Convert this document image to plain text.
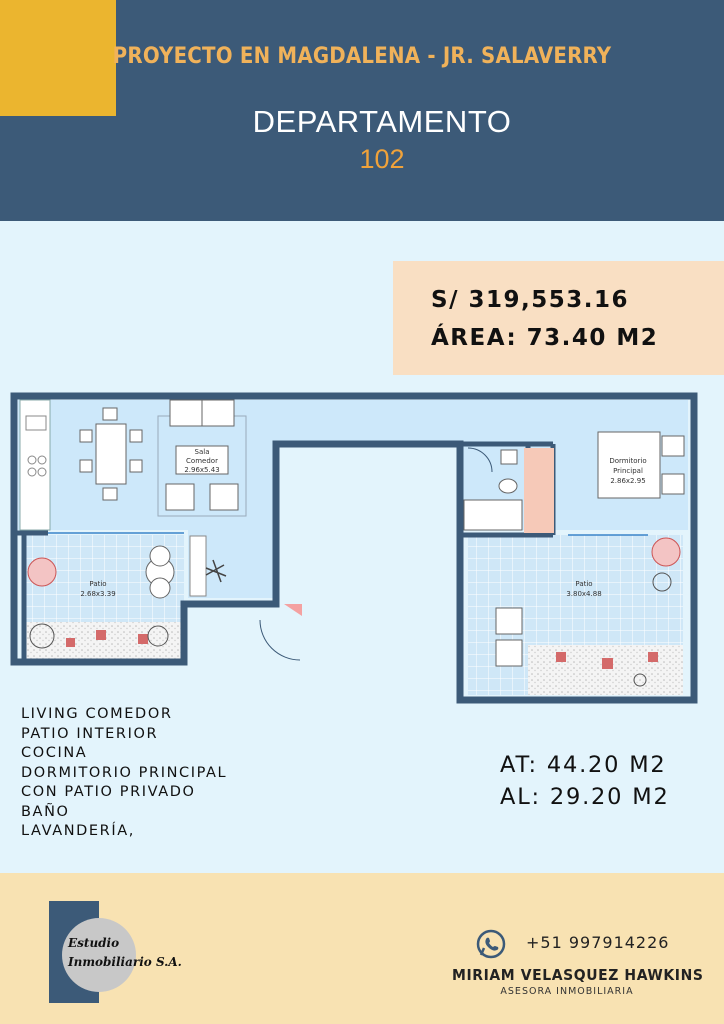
PROYECTO EN MAGDALENA - JR. SALAVERRY
DEPARTAMENTO
102
S/ 319,553.16
ÁREA: 73.40 M2
Sala
Comedor
2.96x5.43
Patio
2.68x3.39
Dormitorio
Principal
2.86x2.95
Patio
3.80x4.88
LIVING COMEDOR
PATIO INTERIOR
COCINA
DORMITORIO PRINCIPAL
CON PATIO PRIVADO
BAÑO
LAVANDERÍA,
AT: 44.20 M2
AL: 29.20 M2
Estudio
Inmobiliario S.A.
+51 997914226
MIRIAM VELASQUEZ HAWKINS
ASESORA INMOBILIARIA
